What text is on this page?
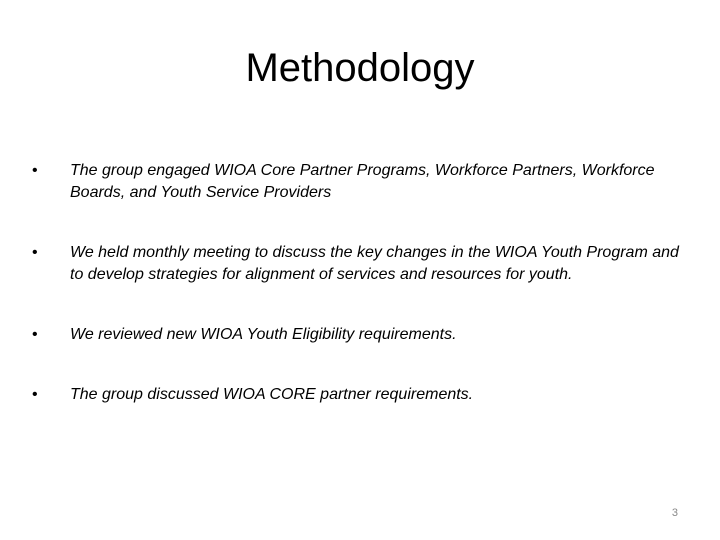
Methodology
• The group engaged WIOA Core Partner Programs, Workforce Partners, Workforce Boards, and Youth Service Providers
• We held monthly meeting to discuss the key changes in the WIOA Youth Program and to develop strategies for alignment of services and resources for youth.
• We reviewed new WIOA Youth Eligibility requirements.
• The group discussed WIOA CORE partner requirements.
3
